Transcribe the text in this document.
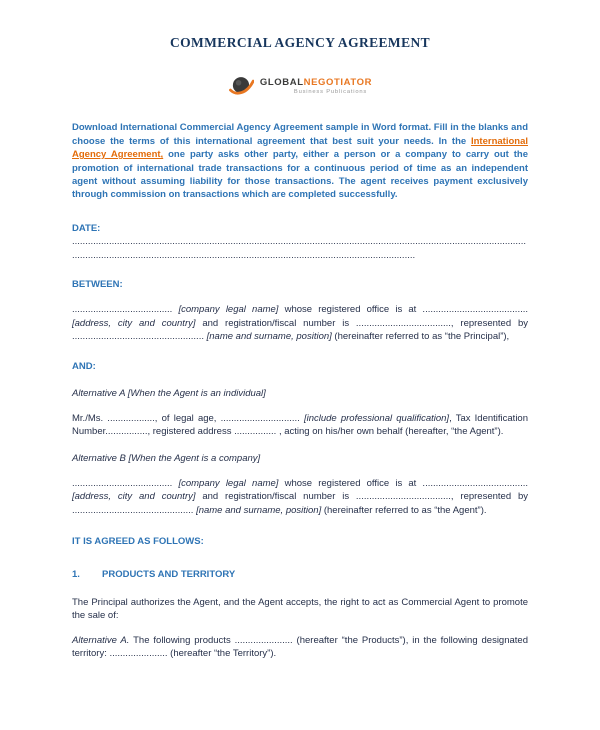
COMMERCIAL AGENCY AGREEMENT
GLOBALNEGOTIATOR
Business Publications

Download International Commercial Agency Agreement sample in Word format. Fill in the blanks and choose the terms of this international agreement that best suit your needs. In the International Agency Agreement, one party asks other party, either a person or a company to carry out the promotion of international trade transactions for a continuous period of time as an independent agent without assuming liability for those transactions. The agent receives payment exclusively through commission on transactions which are completed successfully.

DATE: ..............................................................................................................................................................................................................................................................................................................

BETWEEN:

...................................... [company legal name] whose registered office is at ........................................ [address, city and country] and registration/fiscal number is ...................................., represented by .................................................. [name and surname, position] (hereinafter referred to as “the Principal”),

AND:

Alternative A [When the Agent is an individual]

Mr./Ms. .................., of legal age, .............................. [include professional qualification], Tax Identification Number................, registered address ................ , acting on his/her own behalf (hereafter, “the Agent”).

Alternative B [When the Agent is a company]

...................................... [company legal name] whose registered office is at ........................................ [address, city and country] and registration/fiscal number is ...................................., represented by .............................................. [name and surname, position] (hereinafter referred to as “the Agent”).

IT IS AGREED AS FOLLOWS:

1. PRODUCTS AND TERRITORY

The Principal authorizes the Agent, and the Agent accepts, the right to act as Commercial Agent to promote the sale of:

Alternative A. The following products ...................... (hereafter “the Products”), in the following designated territory: ...................... (hereafter “the Territory”).
